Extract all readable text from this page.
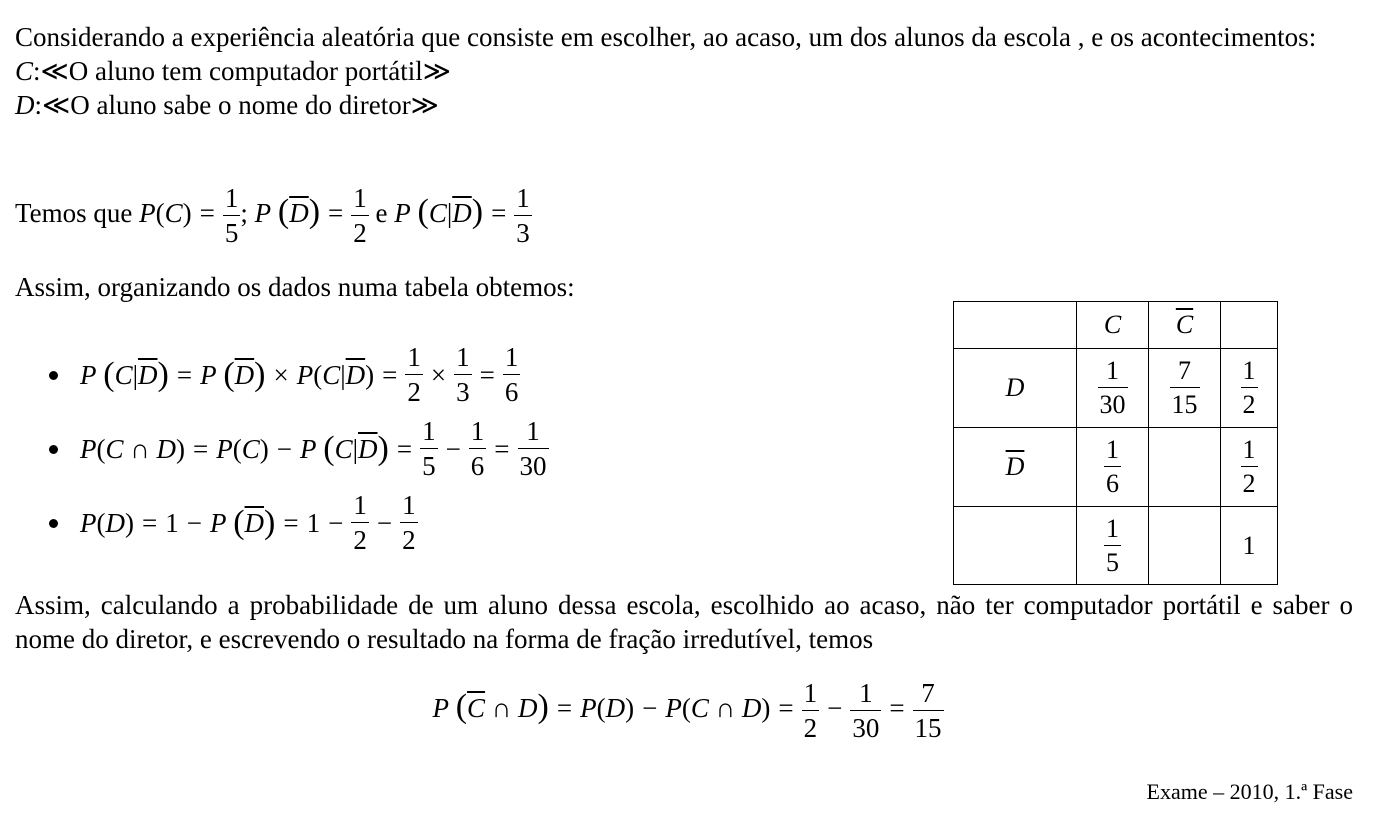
Considerando a experiência aleatória que consiste em escolher, ao acaso, um dos alunos da escola , e os acontecimentos:

C:≪O aluno tem computador portátil≫

D:≪O aluno sabe o nome do diretor≫

Temos que $P(C) = \frac{1}{5}$ ; P $(\overline{D}) = \frac{1}{2}$ e P $(C|\overline{D}) = \frac{1}{3}$
Assim, organizando os dados numa tabela obtemos:
P
( C | $\overline{D}$ ) = P
( $\overline{D}$ ) × P ( C | $\overline{D}$ ) = $\frac{1}{2} \times \frac{1}{3} = \frac{1}{6}$
P ( C ∩ D ) = P ( C ) − P
( C | $\overline{D}$ ) = $\frac{1}{5} - \frac{1}{6} = \frac{1}{30}$
P ( D ) = 1 − P
( $\overline{D}$ ) = $1 - \frac{1}{2} - \frac{1}{2}$
	C	$\overline{C}$	
D	$\frac{1}{30}$	$\frac{7}{15}$	$\frac{1}{2}$

$\overline{D}$	$\frac{1}{6}$		$\frac{1}{2}$

	$\frac{1}{5}$		1

Assim, calculando a probabilidade de um aluno dessa escola, escolhido ao acaso, não ter computador portátil e saber o nome do diretor, e escrevendo o resultado na forma de fração irredutível, temos

P ($\overline{C}$ ∩ D) = P(D) − P(C ∩ $D) = \frac{1}{2} - \frac{1}{30} = \frac{7}{15}$
Exame – 2010, 1.ª Fase
